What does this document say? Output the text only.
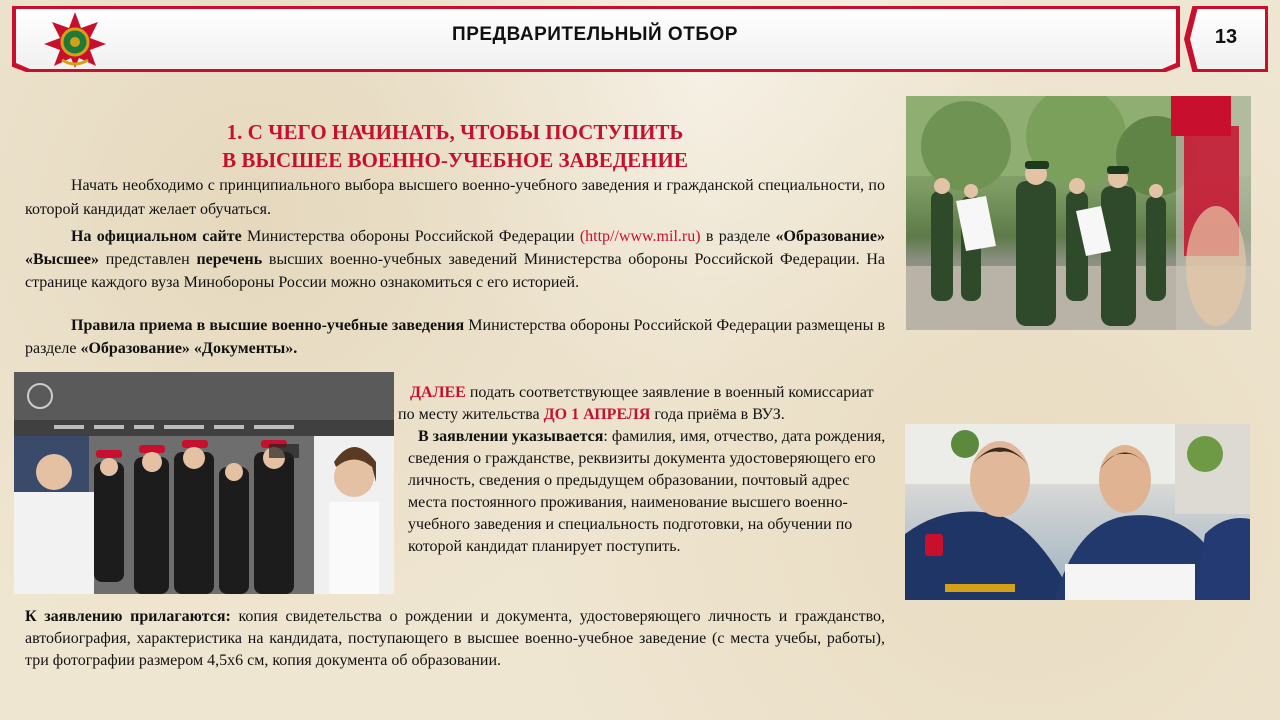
ПРЕДВАРИТЕЛЬНЫЙ ОТБОР	13
1. С ЧЕГО НАЧИНАТЬ, ЧТОБЫ ПОСТУПИТЬ
В ВЫСШЕЕ ВОЕННО-УЧЕБНОЕ ЗАВЕДЕНИЕ
Начать необходимо с принципиального выбора высшего военно-учебного заведения и гражданской специальности, по которой кандидат желает обучаться.
На официальном сайте Министерства обороны Российской Федерации (http//www.mil.ru) в разделе «Образование» «Высшее» представлен перечень высших военно-учебных заведений Министерства обороны Российской Федерации. На странице каждого вуза Минобороны России можно ознакомиться с его историей.
Правила приема в высшие военно-учебные заведения Министерства обороны Российской Федерации размещены в разделе «Образование» «Документы».
ДАЛЕЕ подать соответствующее заявление в военный комиссариат по месту жительства ДО 1 АПРЕЛЯ года приёма в ВУЗ.
В заявлении указывается: фамилия, имя, отчество, дата рождения, сведения о гражданстве, реквизиты документа удостоверяющего его личность, сведения о предыдущем образовании, почтовый адрес места постоянного проживания, наименование высшего военно-учебного заведения и специальность подготовки, на обучении по которой кандидат планирует поступить.
К заявлению прилагаются: копия свидетельства о рождении и документа, удостоверяющего личность и гражданство, автобиография, характеристика на кандидата, поступающего в высшее военно-учебное заведение (с места учебы, работы), три фотографии размером 4,5х6 см, копия документа об образовании.
